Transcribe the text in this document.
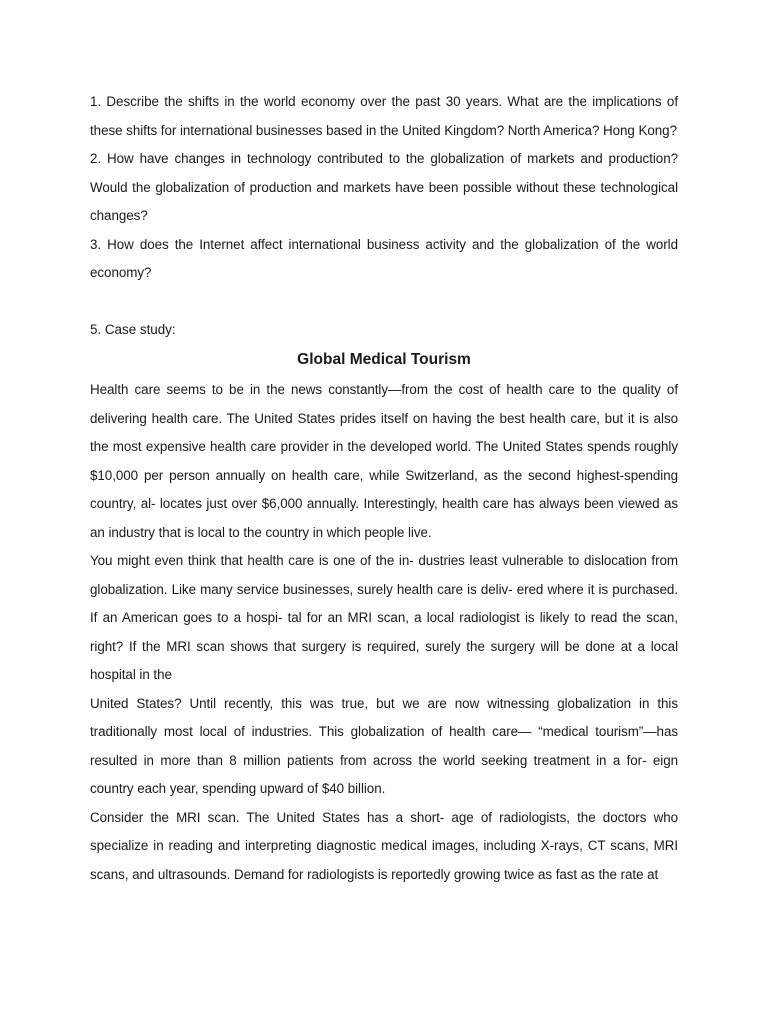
1. Describe the shifts in the world economy over the past 30 years. What are the implications of these shifts for international businesses based in the United Kingdom? North America? Hong Kong?

2. How have changes in technology contributed to the globalization of markets and production? Would the globalization of production and markets have been possible without these technological changes?

3. How does the Internet affect international business activity and the globalization of the world economy?

5. Case study:

Global Medical Tourism

Health care seems to be in the news constantly—from the cost of health care to the quality of delivering health care. The United States prides itself on having the best health care, but it is also the most expensive health care provider in the developed world. The United States spends roughly $10,000 per person annually on health care, while Switzerland, as the second highest-spending country, al- locates just over $6,000 annually. Interestingly, health care has always been viewed as an industry that is local to the country in which people live.

You might even think that health care is one of the in- dustries least vulnerable to dislocation from globalization. Like many service businesses, surely health care is deliv- ered where it is purchased. If an American goes to a hospi- tal for an MRI scan, a local radiologist is likely to read the scan, right? If the MRI scan shows that surgery is required, surely the surgery will be done at a local hospital in the

United States? Until recently, this was true, but we are now witnessing globalization in this traditionally most local of industries. This globalization of health care— “medical tourism”—has resulted in more than 8 million patients from across the world seeking treatment in a for- eign country each year, spending upward of $40 billion.

Consider the MRI scan. The United States has a short- age of radiologists, the doctors who specialize in reading and interpreting diagnostic medical images, including X-rays, CT scans, MRI scans, and ultrasounds. Demand for radiologists is reportedly growing twice as fast as the rate at
